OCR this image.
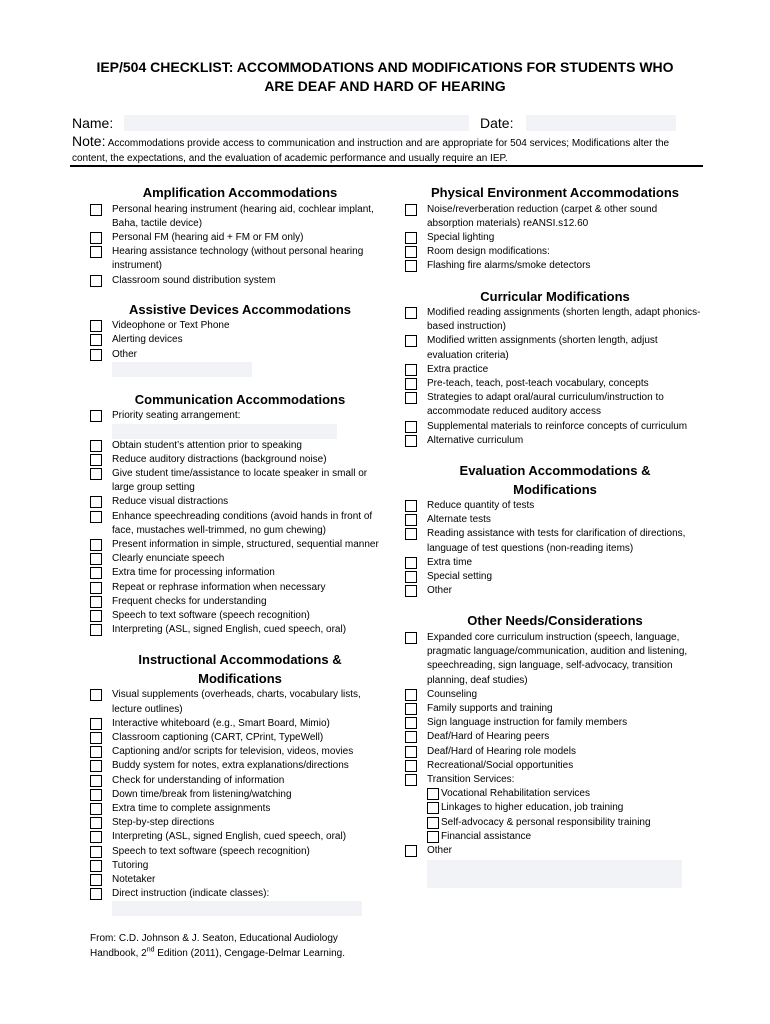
IEP/504 CHECKLIST: ACCOMMODATIONS AND MODIFICATIONS FOR STUDENTS WHO
ARE DEAF AND HARD OF HEARING
Name:	Date:
Note: Accommodations provide access to communication and instruction and are appropriate for 504 services; Modifications alter the content, the expectations, and the evaluation of academic performance and usually require an IEP.
Amplification Accommodations
Personal hearing instrument (hearing aid, cochlear implant, Baha, tactile device)
Personal FM (hearing aid + FM or FM only)
Hearing assistance technology (without personal hearing instrument)
Classroom sound distribution system
Assistive Devices Accommodations
Videophone or Text Phone
Alerting devices
Other
Communication Accommodations
Priority seating arrangement:
Obtain student’s attention prior to speaking
Reduce auditory distractions (background noise)
Give student time/assistance to locate speaker in small or large group setting
Reduce visual distractions
Enhance speechreading conditions (avoid hands in front of face, mustaches well-trimmed, no gum chewing)
Present information in simple, structured, sequential manner
Clearly enunciate speech
Extra time for processing information
Repeat or rephrase information when necessary
Frequent checks for understanding
Speech to text software (speech recognition)
Interpreting (ASL, signed English, cued speech, oral)
Instructional Accommodations &
Modifications
Visual supplements (overheads, charts, vocabulary lists, lecture outlines)
Interactive whiteboard (e.g., Smart Board, Mimio)
Classroom captioning (CART, CPrint, TypeWell)
Captioning and/or scripts for television, videos, movies
Buddy system for notes, extra explanations/directions
Check for understanding of information
Down time/break from listening/watching
Extra time to complete assignments
Step-by-step directions
Interpreting (ASL, signed English, cued speech, oral)
Speech to text software (speech recognition)
Tutoring
Notetaker
Direct instruction (indicate classes):
From: C.D. Johnson & J. Seaton, Educational Audiology Handbook, 2nd Edition (2011), Cengage-Delmar Learning.
Physical Environment Accommodations
Noise/reverberation reduction (carpet & other sound absorption materials) reANSI.s12.60
Special lighting
Room design modifications:
Flashing fire alarms/smoke detectors
Curricular Modifications
Modified reading assignments (shorten length, adapt phonics-based instruction)
Modified written assignments (shorten length, adjust evaluation criteria)
Extra practice
Pre-teach, teach, post-teach vocabulary, concepts
Strategies to adapt oral/aural curriculum/instruction to accommodate reduced auditory access
Supplemental materials to reinforce concepts of curriculum
Alternative curriculum
Evaluation Accommodations &
Modifications
Reduce quantity of tests
Alternate tests
Reading assistance with tests for clarification of directions, language of test questions (non-reading items)
Extra time
Special setting
Other
Other Needs/Considerations
Expanded core curriculum instruction (speech, language, pragmatic language/communication, audition and listening, speechreading, sign language, self-advocacy, transition planning, deaf studies)
Counseling
Family supports and training
Sign language instruction for family members
Deaf/Hard of Hearing peers
Deaf/Hard of Hearing role models
Recreational/Social opportunities
Transition Services:
Vocational Rehabilitation services
Linkages to higher education, job training
Self-advocacy & personal responsibility training
Financial assistance
Other
